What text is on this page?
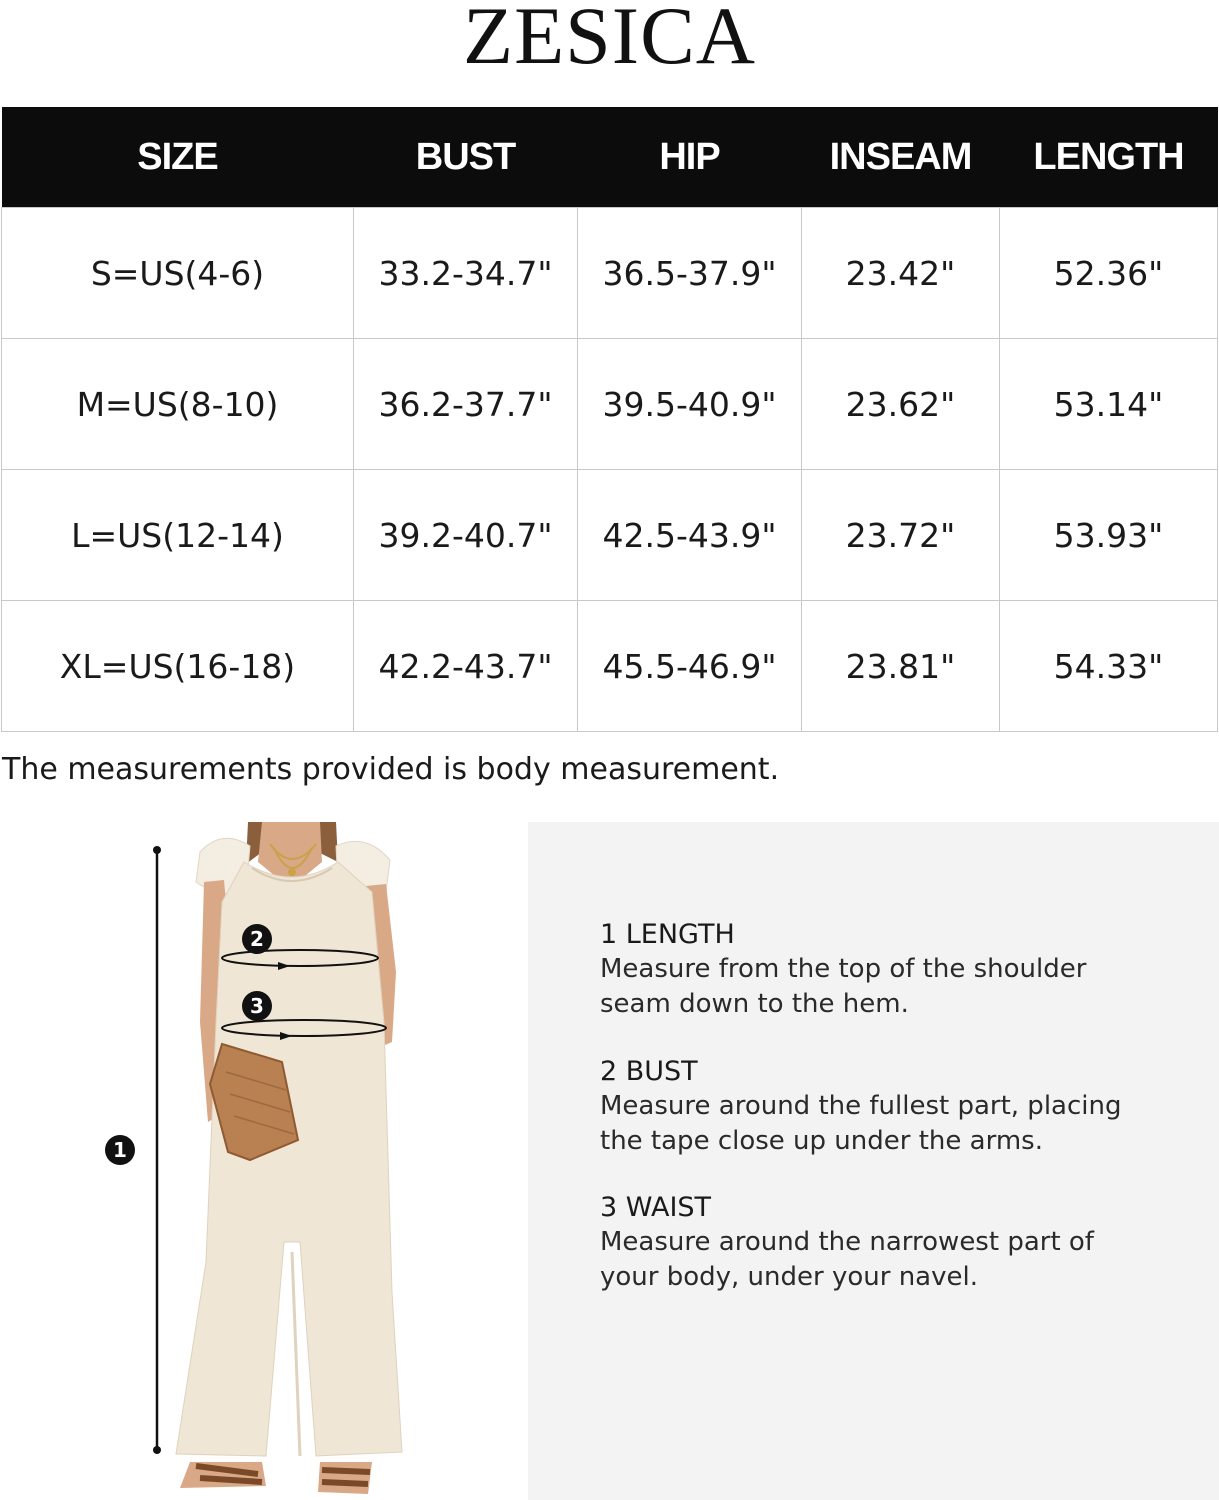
ZESICA
SIZE	BUST	HIP	INSEAM	LENGTH
S=US(4-6)	33.2-34.7"	36.5-37.9"	23.42"	52.36"
M=US(8-10)	36.2-37.7"	39.5-40.9"	23.62"	53.14"
L=US(12-14)	39.2-40.7"	42.5-43.9"	23.72"	53.93"
XL=US(16-18)	42.2-43.7"	45.5-46.9"	23.81"	54.33"
The measurements provided is body measurement.
2
3
1
1 LENGTH
Measure from the top of the shoulder
seam down to the hem.
2 BUST
Measure around the fullest part, placing
the tape close up under the arms.
3 WAIST
Measure around the narrowest part of
your body, under your navel.
